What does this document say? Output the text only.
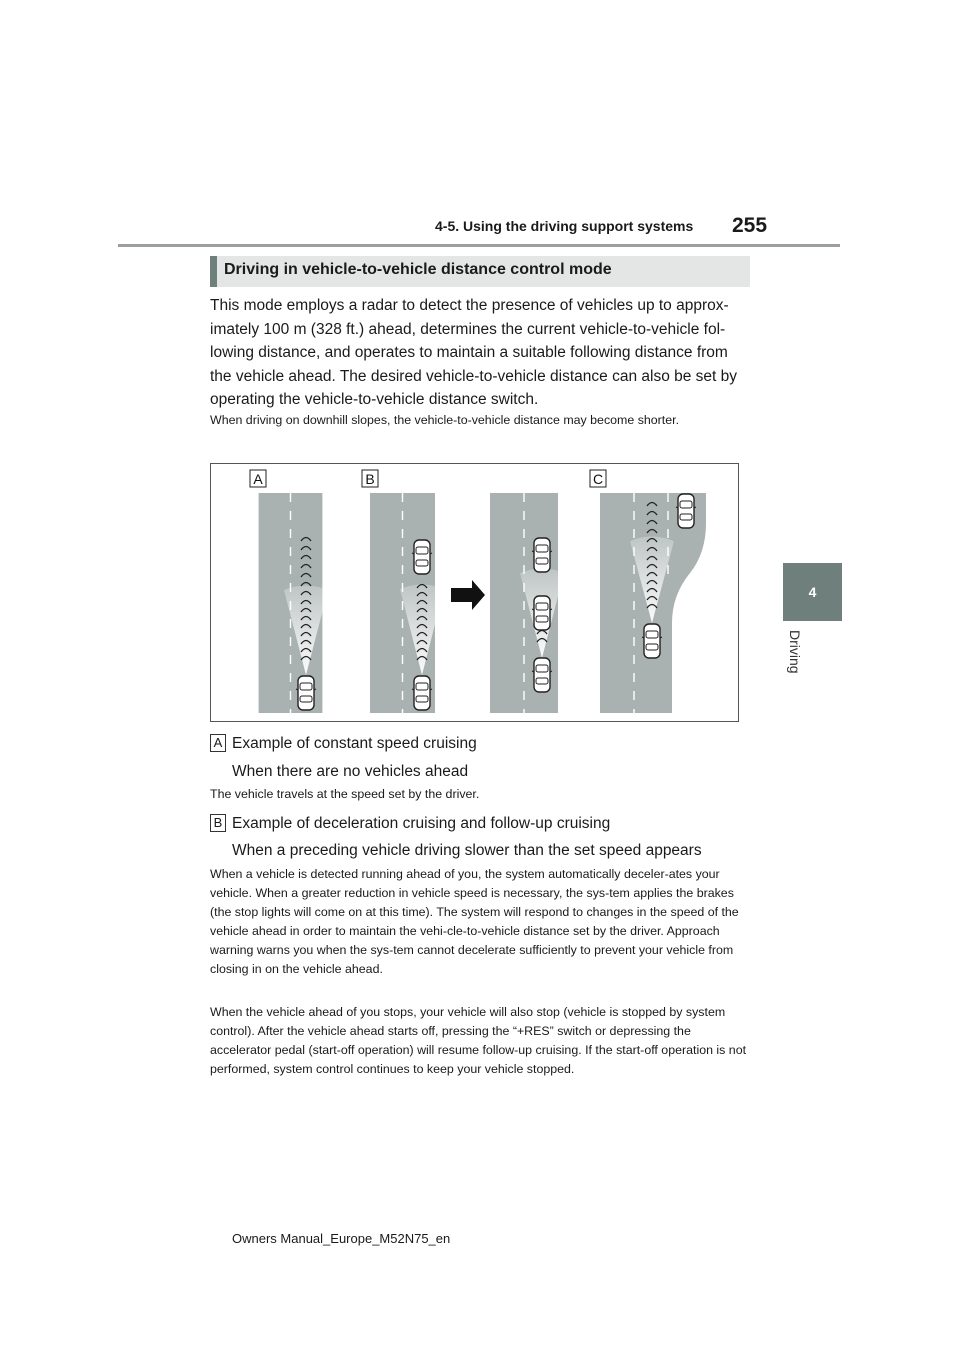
4-5. Using the driving support systems 255
4
Driving
Driving in vehicle-to-vehicle distance control mode
This mode employs a radar to detect the presence of vehicles up to approx-imately 100 m (328 ft.) ahead, determines the current vehicle-to-vehicle fol-lowing distance, and operates to maintain a suitable following distance from the vehicle ahead. The desired vehicle-to-vehicle distance can also be set by operating the vehicle-to-vehicle distance switch.
When driving on downhill slopes, the vehicle-to-vehicle distance may become shorter.
A	B	C
A Example of constant speed cruising
When there are no vehicles ahead
The vehicle travels at the speed set by the driver.
B Example of deceleration cruising and follow-up cruising
When a preceding vehicle driving slower than the set speed appears
When a vehicle is detected running ahead of you, the system automatically deceler-ates your vehicle. When a greater reduction in vehicle speed is necessary, the sys-tem applies the brakes (the stop lights will come on at this time). The system will respond to changes in the speed of the vehicle ahead in order to maintain the vehi-cle-to-vehicle distance set by the driver. Approach warning warns you when the sys-tem cannot decelerate sufficiently to prevent your vehicle from closing in on the vehicle ahead.
When the vehicle ahead of you stops, your vehicle will also stop (vehicle is stopped by system control). After the vehicle ahead starts off, pressing the “+RES” switch or depressing the accelerator pedal (start-off operation) will resume follow-up cruising. If the start-off operation is not performed, system control continues to keep your vehicle stopped.
Owners Manual_Europe_M52N75_en
